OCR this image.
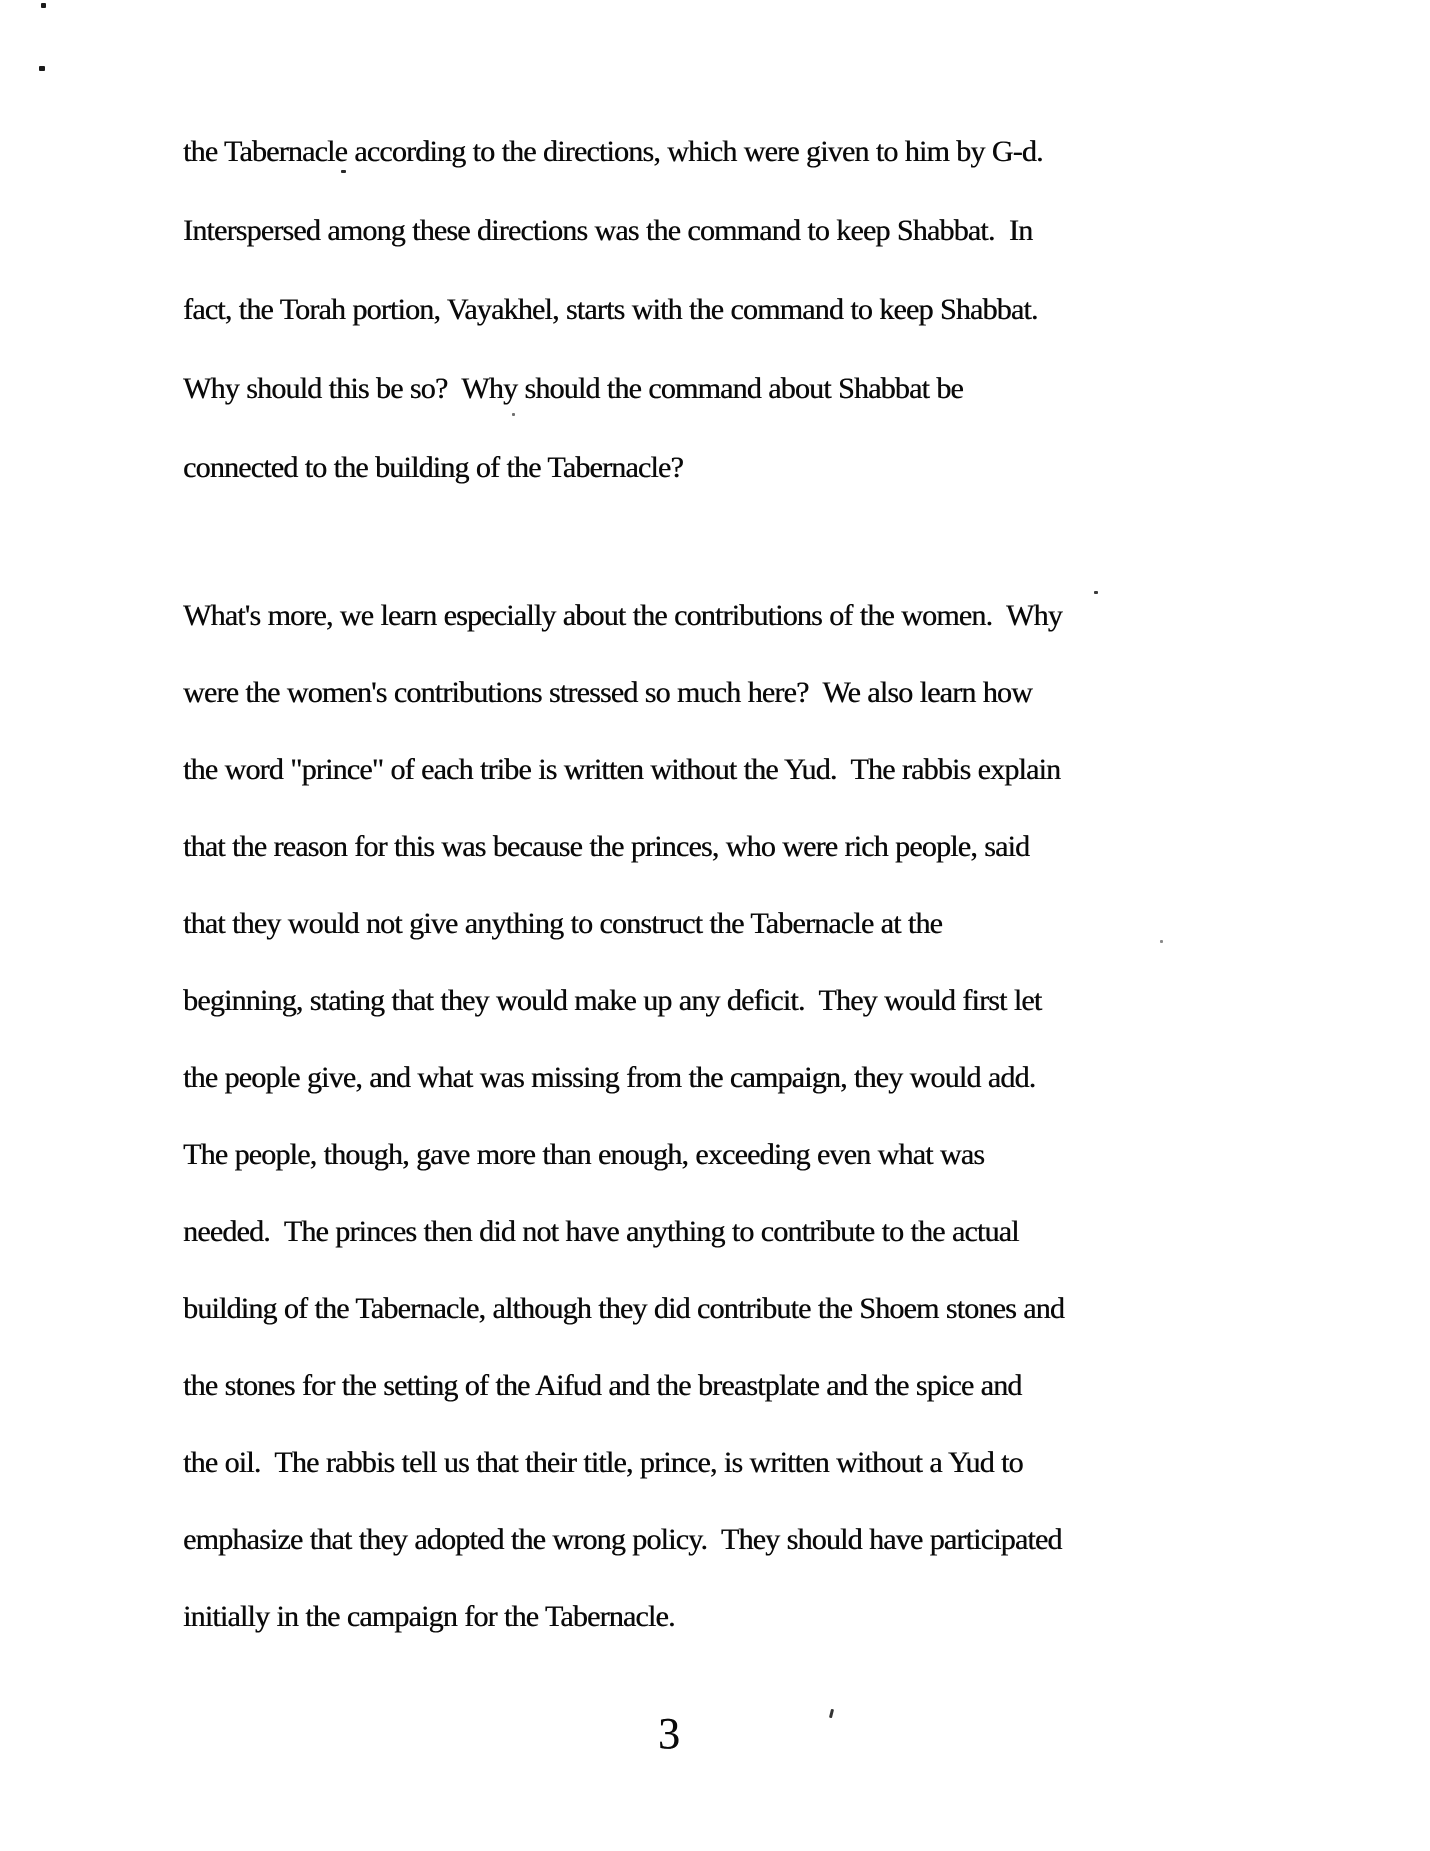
the Tabernacle according to the directions, which were given to him by G-d.
Interspersed among these directions was the command to keep Shabbat.  In
fact, the Torah portion, Vayakhel, starts with the command to keep Shabbat.
Why should this be so?  Why should the command about Shabbat be
connected to the building of the Tabernacle?
What's more, we learn especially about the contributions of the women.  Why
were the women's contributions stressed so much here?  We also learn how
the word "prince" of each tribe is written without the Yud.  The rabbis explain
that the reason for this was because the princes, who were rich people, said
that they would not give anything to construct the Tabernacle at the
beginning, stating that they would make up any deficit.  They would first let
the people give, and what was missing from the campaign, they would add.
The people, though, gave more than enough, exceeding even what was
needed.  The princes then did not have anything to contribute to the actual
building of the Tabernacle, although they did contribute the Shoem stones and
the stones for the setting of the Aifud and the breastplate and the spice and
the oil.  The rabbis tell us that their title, prince, is written without a Yud to
emphasize that they adopted the wrong policy.  They should have participated
initially in the campaign for the Tabernacle.
3
